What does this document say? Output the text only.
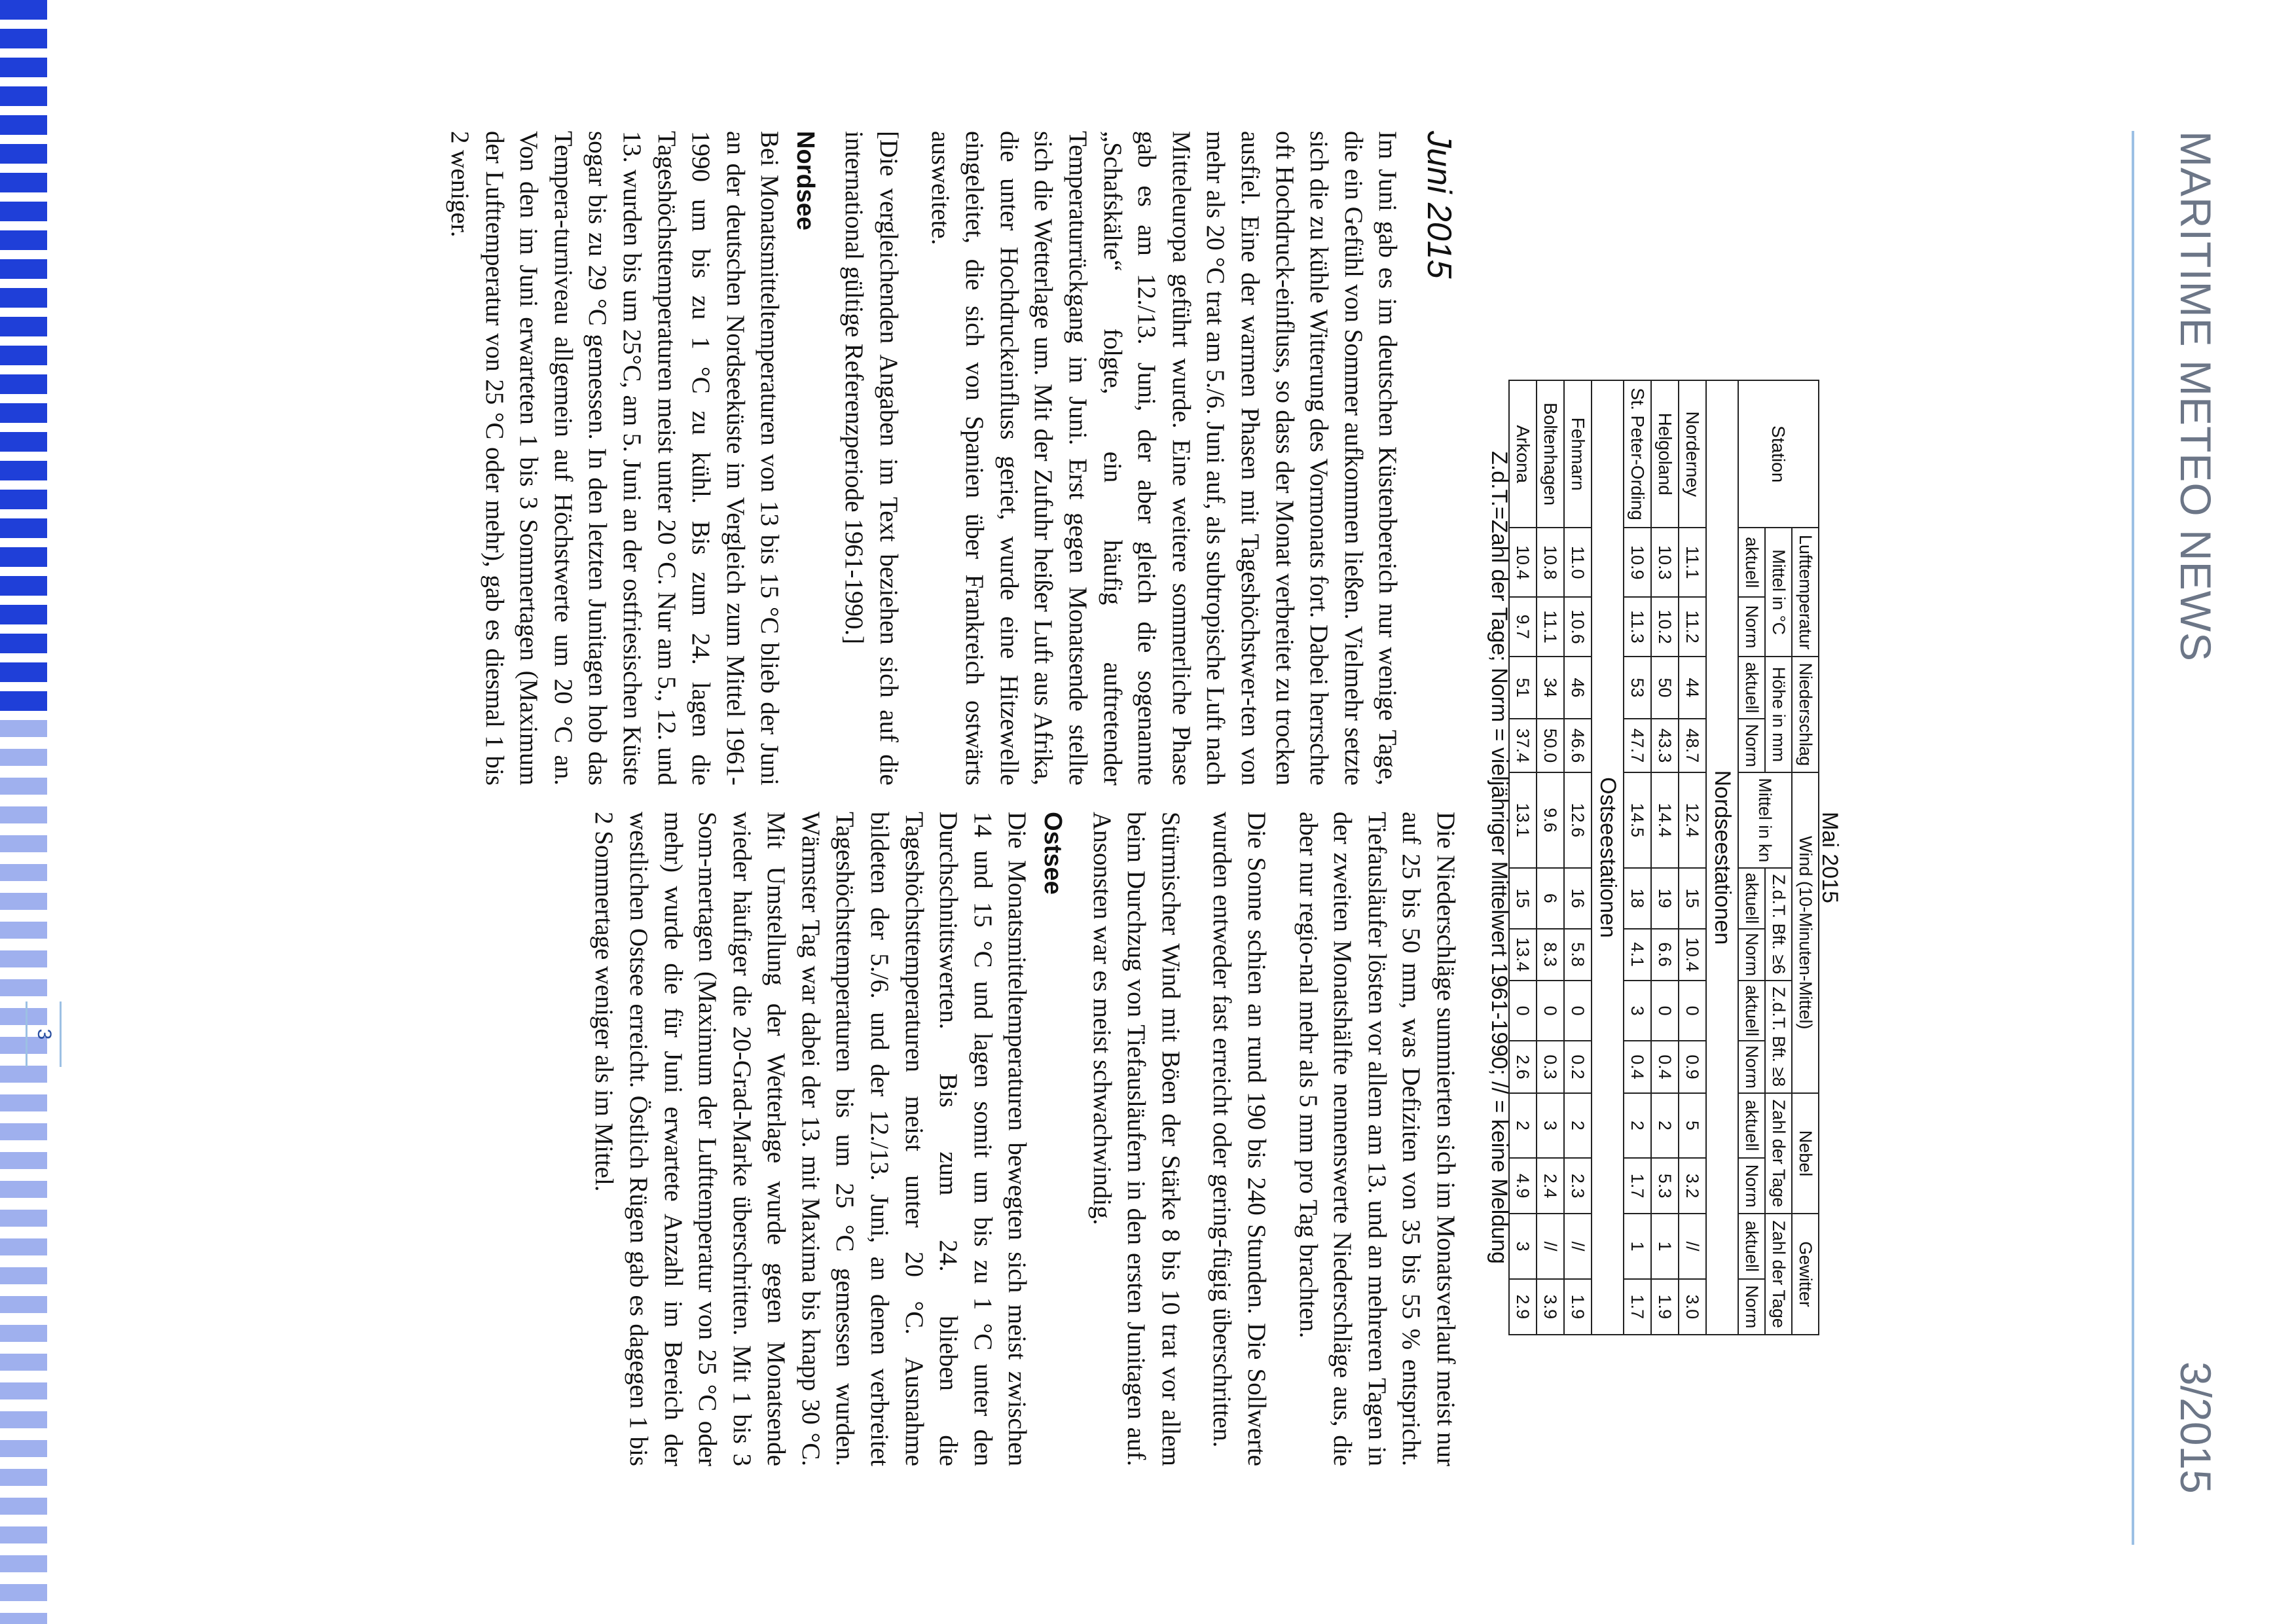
MARITIME METEO NEWS
3/2015
Mai 2015
Station	Lufttemperatur		Niederschlag		Wind (10-Minuten-Mittel)					Nebel		Gewitter	
	Mittel in °C		Höhe in mm		Mittel in kn	Z.d.T. Bft. ≥6		Z.d.T. Bft. ≥8		Zahl der Tage		Zahl der Tage	
	aktuell	Norm	aktuell	Norm		aktuell	Norm	aktuell	Norm	aktuell	Norm	aktuell	Norm
Nordseestationen													
Norderney	11.1	11.2	44	48.7	12.4	15	10.4	0	0.9	5	3.2	//	3.0
Helgoland	10.3	10.2	50	43.3	14.4	19	6.6	0	0.4	2	5.3	1	1.9
St. Peter-Ording	10.9	11.3	53	47.7	14.5	18	4.1	3	0.4	2	1.7	1	1.7
Ostseestationen													
Fehmarn	11.0	10.6	46	46.6	12.6	16	5.8	0	0.2	2	2.3	//	1.9
Boltenhagen	10.8	11.1	34	50.0	9.6	6	8.3	0	0.3	3	2.4	//	3.9
Arkona	10.4	9.7	51	37.4	13.1	15	13.4	0	2.6	2	4.9	3	2.9
Z.d.T.=Zahl der Tage; Norm = vieljähriger Mittelwert 1961-1990; // = keine Meldung
Juni 2015

Im Juni gab es im deutschen Küstenbereich nur wenige Tage, die ein Gefühl von Sommer aufkommen ließen. Vielmehr setzte sich die zu kühle Witterung des Vormonats fort. Dabei herrschte oft Hochdruck-einfluss, so dass der Monat verbreitet zu trocken ausfiel. Eine der warmen Phasen mit Tageshöchstwer-ten von mehr als 20 °C trat am 5./6. Juni auf, als subtropische Luft nach Mitteleuropa geführt wurde. Eine weitere sommerliche Phase gab es am 12./13. Juni, der aber gleich die sogenannte „Schafskälte“ folgte, ein häufig auftretender Temperaturrückgang im Juni. Erst gegen Monatsende stellte sich die Wetterlage um. Mit der Zufuhr heißer Luft aus Afrika, die unter Hochdruckeinfluss geriet, wurde eine Hitzewelle eingeleitet, die sich von Spanien über Frankreich ostwärts ausweitete.

[Die vergleichenden Angaben im Text beziehen sich auf die international gültige Referenzperiode 1961-1990.]

Nordsee

Bei Monatsmitteltemperaturen von 13 bis 15 °C blieb der Juni an der deutschen Nordseeküste im Vergleich zum Mittel 1961-1990 um bis zu 1 °C zu kühl. Bis zum 24. lagen die Tageshöchsttemperaturen meist unter 20 °C. Nur am 5., 12. und 13. wurden bis um 25°C, am 5. Juni an der ostfriesischen Küste sogar bis zu 29 °C gemessen. In den letzten Junitagen hob das Tempera-turniveau allgemein auf Höchstwerte um 20 °C an. Von den im Juni erwarteten 1 bis 3 Sommertagen (Maximum der Lufttemperatur von 25 °C oder mehr), gab es diesmal 1 bis 2 weniger.

Die Niederschläge summierten sich im Monatsverlauf meist nur auf 25 bis 50 mm, was Defiziten von 35 bis 55 % entspricht. Tiefausläufer lösten vor allem am 13. und an mehreren Tagen in der zweiten Monatshälfte nennenswerte Niederschläge aus, die aber nur regio-nal mehr als 5 mm pro Tag brachten.

Die Sonne schien an rund 190 bis 240 Stunden. Die Sollwerte wurden entweder fast erreicht oder gering-fügig überschritten.

Stürmischer Wind mit Böen der Stärke 8 bis 10 trat vor allem beim Durchzug von Tiefausläufern in den ersten Junitagen auf. Ansonsten war es meist schwachwindig.

Ostsee

Die Monatsmitteltemperaturen bewegten sich meist zwischen 14 und 15 °C und lagen somit um bis zu 1 °C unter den Durchschnittswerten. Bis zum 24. blieben die Tageshöchsttemperaturen meist unter 20 °C. Ausnahme bildeten der 5./6. und der 12./13. Juni, an denen verbreitet Tageshöchsttemperaturen bis um 25 °C gemessen wurden. Wärmster Tag war dabei der 13. mit Maxima bis knapp 30 °C. Mit Umstellung der Wetterlage wurde gegen Monatsende wieder häufiger die 20-Grad-Marke überschritten. Mit 1 bis 3 Som-mertagen (Maximum der Lufttemperatur von 25 °C oder mehr) wurde die für Juni erwartete Anzahl im Bereich der westlichen Ostsee erreicht. Östlich Rügen gab es dagegen 1 bis 2 Sommertage weniger als im Mittel.

3
